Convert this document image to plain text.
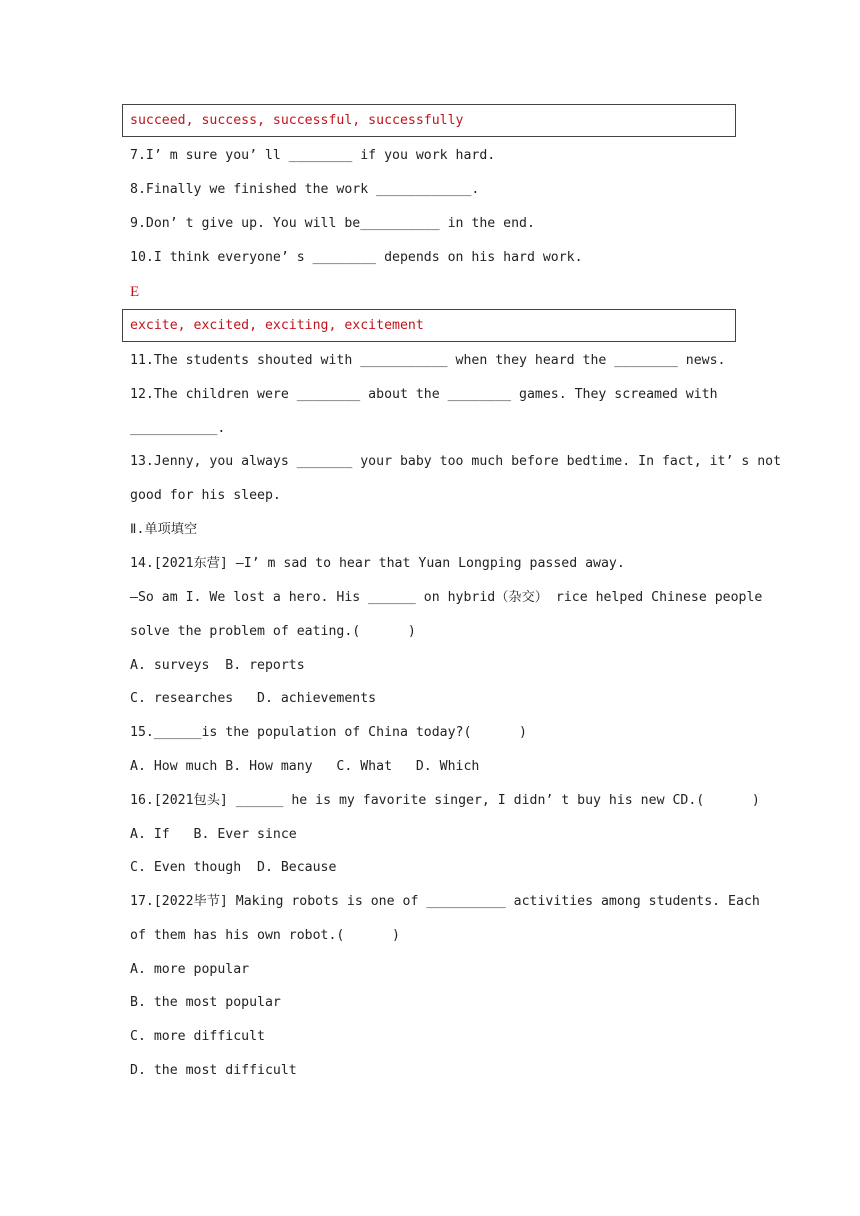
succeed, success, successful, successfully
7.I’ m sure you’ ll ________ if you work hard.
8.Finally we finished the work ____________.
9.Don’ t give up. You will be__________ in the end.
10.I think everyone’ s ________ depends on his hard work.
E
excite, excited, exciting, excitement
11.The students shouted with ___________ when they heard the ________ news.
12.The children were ________ about the ________ games. They screamed with
___________.
13.Jenny, you always _______ your baby too much before bedtime. In fact, it’ s not
good for his sleep.
Ⅱ.单项填空
14.[2021东营] —I’ m sad to hear that Yuan Longping passed away.
—So am I. We lost a hero. His ______ on hybrid（杂交） rice helped Chinese people
solve the problem of eating.(      )
A. surveys  B. reports
C. researches   D. achievements
15.______is the population of China today?(      )
A. How much B. How many   C. What   D. Which
16.[2021包头] ______ he is my favorite singer, I didn’ t buy his new CD.(      )
A. If   B. Ever since
C. Even though  D. Because
17.[2022毕节] Making robots is one of __________ activities among students. Each
of them has his own robot.(      )
A. more popular
B. the most popular
C. more difficult
D. the most difficult
